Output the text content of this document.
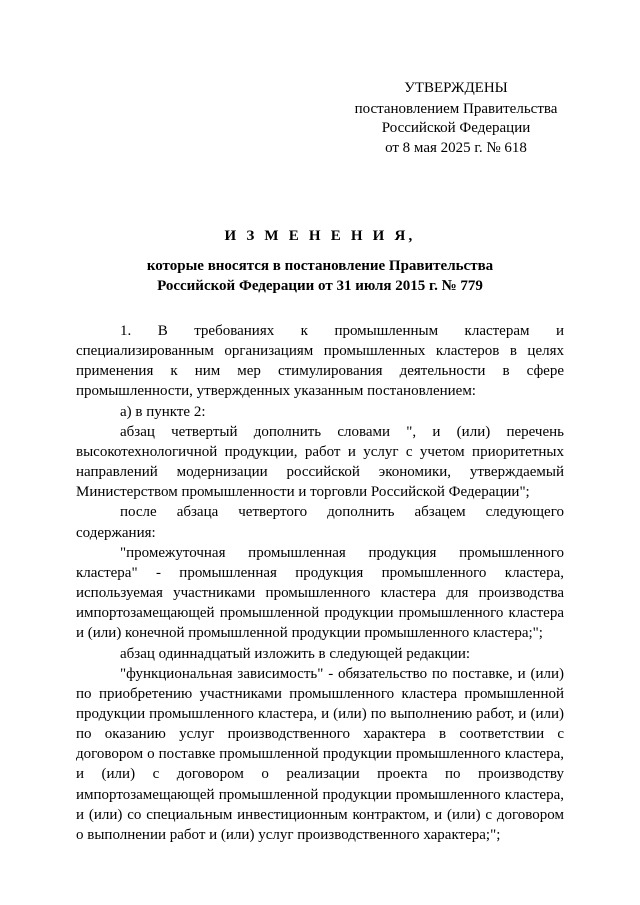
УТВЕРЖДЕНЫ
постановлением Правительства
Российской Федерации
от 8 мая 2025 г. № 618
И З М Е Н Е Н И Я,
которые вносятся в постановление Правительства
Российской Федерации от 31 июля 2015 г. № 779

1. В требованиях к промышленным кластерам и специализированным организациям промышленных кластеров в целях применения к ним мер стимулирования деятельности в сфере промышленности, утвержденных указанным постановлением:

а) в пункте 2:

абзац четвертый дополнить словами ", и (или) перечень высокотехнологичной продукции, работ и услуг с учетом приоритетных направлений модернизации российской экономики, утверждаемый Министерством промышленности и торговли Российской Федерации";

после абзаца четвертого дополнить абзацем следующего содержания:

"промежуточная промышленная продукция промышленного кластера" - промышленная продукция промышленного кластера, используемая участниками промышленного кластера для производства импортозамещающей промышленной продукции промышленного кластера и (или) конечной промышленной продукции промышленного кластера;";

абзац одиннадцатый изложить в следующей редакции:

"функциональная зависимость" - обязательство по поставке, и (или) по приобретению участниками промышленного кластера промышленной продукции промышленного кластера, и (или) по выполнению работ, и (или) по оказанию услуг производственного характера в соответствии с договором о поставке промышленной продукции промышленного кластера, и (или) с договором о реализации проекта по производству импортозамещающей промышленной продукции промышленного кластера, и (или) со специальным инвестиционным контрактом, и (или) с договором о выполнении работ и (или) услуг производственного характера;";
